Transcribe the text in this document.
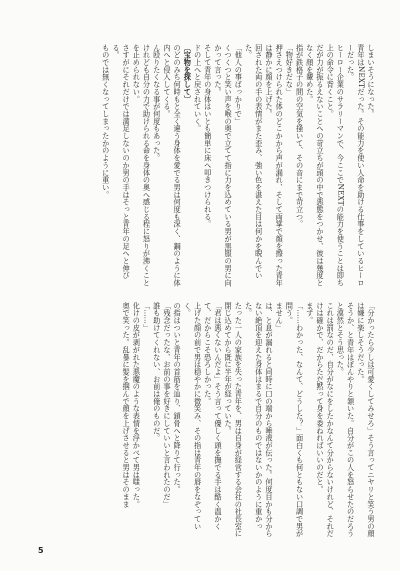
しまいそうになった。

青年はNEXTだった。その能力を使い人命を助ける仕事をしているヒーローだった。

ヒーロー企業のサラリーマンで、今ここでNEXTの能力を使うことは即ち上の命令に背くこと。

だが力が振るえないことへの苛立ちが頭の中で悪態をつかせ、彼は幾度となく顔を顰めた。

指が鉄格子の間の空気を掻いて、その音にまで苛立つ。

「物好きだな」

押さえつけられた体のどこかから声が漏れ、そして両掌で顔を擦った青年は静かに顔を上げた。

回された両の手の表情がまた歪み、強い色を湛えた目は何かを睨んでいた。

「他人の事ばっかりで」

くつくつと笑い声を喉の奥で立てて指に力を込めている男が黒服の男に向かって言った。

そして青年の身体はいとも簡単に床へ叩きつけられる。

ドの上へと戻されていく。

〔宝物を探して〕

のどのみち何時もと全く違う身体を愛でる男は何度も深く、鋼のように体内へと侵入してくる。

ん殴りたくなる事が何度もあった。

けれども自分の力で助けられる命を身体の奥へ感じる程に怒りが沸くことを止められない。

さすがにそれだけでは満足しないのか男の手はそっと青年の足へと伸びる。

ものでは無くなってしまったかのように重い。

「分かったら少しは可愛くしてみせろ」そう言ってニヤリと笑う男の顔は嫌に楽しそうだった。

そうか、と青年はぼんやりと頷いた。自分がこの人を怒らせたのだろうと漠然とそう思った。

これは罰なのだ、自分がなにをしたかなんて分からないけれど、それだけは確かで、だからただ黙って身を委ねればいいのだと。

まず。

「……わかった、なんて、どうした？」面白くも何ともない口調で男が問う。

ません」

は、と息が漏れると同時に口の端から唾液が伝った。何度目かも分からない絶頂を迎えた身体はまるで自分のものではないかのように重かった。

たった一人の家族を失った青年を、男は自身が経営する会社の社長室に閉じ込めてから既に半年が経っていた。

「君は悪くないんだよ」そう言って優しく頭を撫でる手は酷く温かくて、だからこそ恐ろしかった。

上げた顔の前で男は穏やかに微笑み、その指は青年の唇をなぞっていく。

の指はついと青年の首筋を辿り、鎖骨へと降りて行った。

「残念だったな、お前の事を好きにしていいと言われたのだ」

誰も助けてくれない、お前は俺のものだ。

「……」

化けの皮が剥がれた悪魔のような表情を浮かべて男は嗤った。

奥で笑った。乱暴に髪を掴んで顔を上げさせると男はそのまま

5
